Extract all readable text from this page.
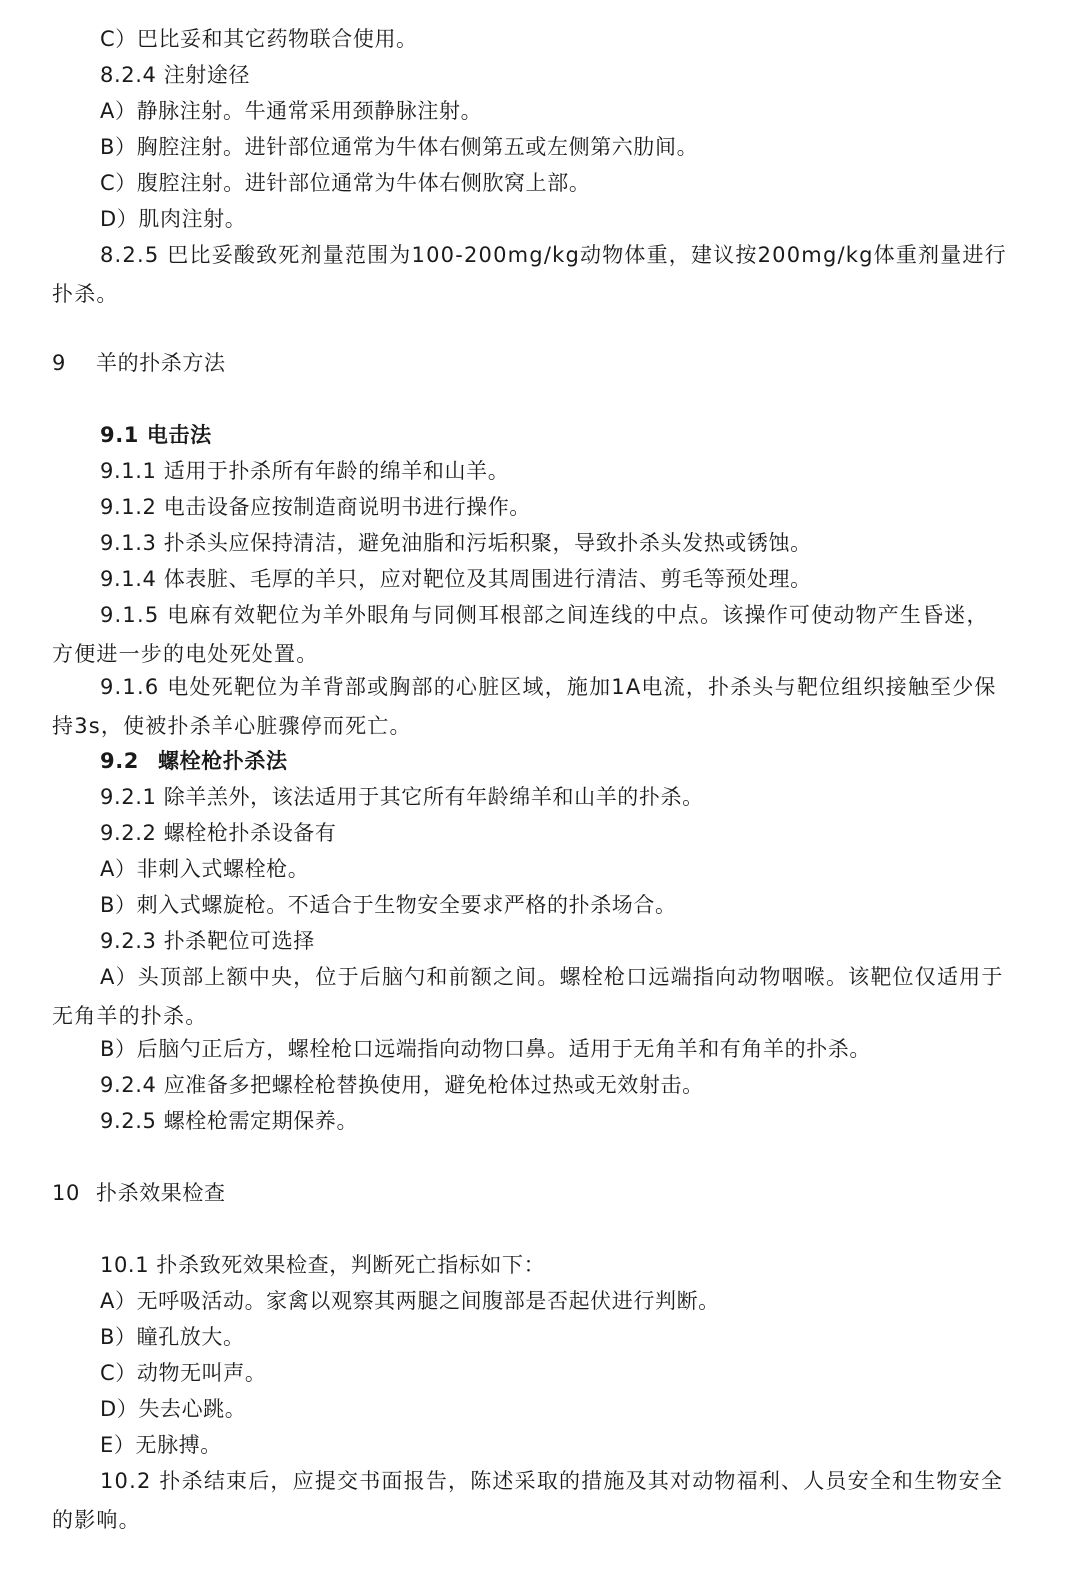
C）巴比妥和其它药物联合使用。
8.2.4 注射途径
A）静脉注射。牛通常采用颈静脉注射。
B）胸腔注射。进针部位通常为牛体右侧第五或左侧第六肋间。
C）腹腔注射。进针部位通常为牛体右侧肷窝上部。
D）肌肉注射。
8.2.5 巴比妥酸致死剂量范围为100-200mg/kg动物体重，建议按200mg/kg体重剂量进行扑杀。
9 羊的扑杀方法
9.1 电击法
9.1.1 适用于扑杀所有年龄的绵羊和山羊。
9.1.2 电击设备应按制造商说明书进行操作。
9.1.3 扑杀头应保持清洁，避免油脂和污垢积聚，导致扑杀头发热或锈蚀。
9.1.4 体表脏、毛厚的羊只，应对靶位及其周围进行清洁、剪毛等预处理。
9.1.5 电麻有效靶位为羊外眼角与同侧耳根部之间连线的中点。该操作可使动物产生昏迷，方便进一步的电处死处置。
9.1.6 电处死靶位为羊背部或胸部的心脏区域，施加1A电流，扑杀头与靶位组织接触至少保持3s，使被扑杀羊心脏骤停而死亡。
9.2 螺栓枪扑杀法
9.2.1 除羊羔外，该法适用于其它所有年龄绵羊和山羊的扑杀。
9.2.2 螺栓枪扑杀设备有
A）非刺入式螺栓枪。
B）刺入式螺旋枪。不适合于生物安全要求严格的扑杀场合。
9.2.3 扑杀靶位可选择
A）头顶部上额中央，位于后脑勺和前额之间。螺栓枪口远端指向动物咽喉。该靶位仅适用于无角羊的扑杀。
B）后脑勺正后方，螺栓枪口远端指向动物口鼻。适用于无角羊和有角羊的扑杀。
9.2.4 应准备多把螺栓枪替换使用，避免枪体过热或无效射击。
9.2.5 螺栓枪需定期保养。
10 扑杀效果检查
10.1 扑杀致死效果检查，判断死亡指标如下：
A）无呼吸活动。家禽以观察其两腿之间腹部是否起伏进行判断。
B）瞳孔放大。
C）动物无叫声。
D）失去心跳。
E）无脉搏。
10.2 扑杀结束后，应提交书面报告，陈述采取的措施及其对动物福利、人员安全和生物安全的影响。
